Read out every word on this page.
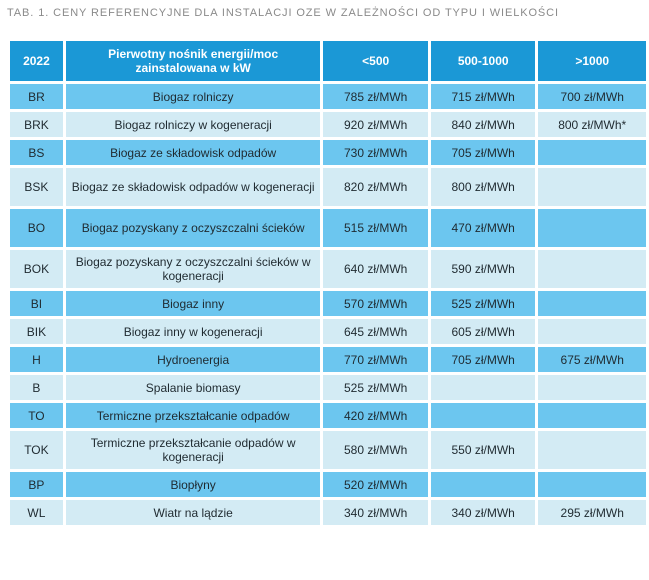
TAB. 1. CENY REFERENCYJNE DLA INSTALACJI OZE W ZALEŻNOŚCI OD TYPU I WIELKOŚCI
2022	Pierwotny nośnik energii/moc zainstalowana w kW	<500	500-1000	>1000
BR	Biogaz rolniczy	785 zł/MWh	715 zł/MWh	700 zł/MWh
BRK	Biogaz rolniczy w kogeneracji	920 zł/MWh	840 zł/MWh	800 zł/MWh*
BS	Biogaz ze składowisk odpadów	730 zł/MWh	705 zł/MWh	
BSK	Biogaz ze składowisk odpadów w kogeneracji	820 zł/MWh	800 zł/MWh	
BO	Biogaz pozyskany z oczyszczalni ścieków	515 zł/MWh	470 zł/MWh	
BOK	Biogaz pozyskany z oczyszczalni ścieków w kogeneracji	640 zł/MWh	590 zł/MWh	
BI	Biogaz inny	570 zł/MWh	525 zł/MWh	
BIK	Biogaz inny w kogeneracji	645 zł/MWh	605 zł/MWh	
H	Hydroenergia	770 zł/MWh	705 zł/MWh	675 zł/MWh
B	Spalanie biomasy	525 zł/MWh		
TO	Termiczne przekształcanie odpadów	420 zł/MWh		
TOK	Termiczne przekształcanie odpadów w kogeneracji	580 zł/MWh	550 zł/MWh	
BP	Biopłyny	520 zł/MWh		
WL	Wiatr na lądzie	340 zł/MWh	340 zł/MWh	295 zł/MWh
